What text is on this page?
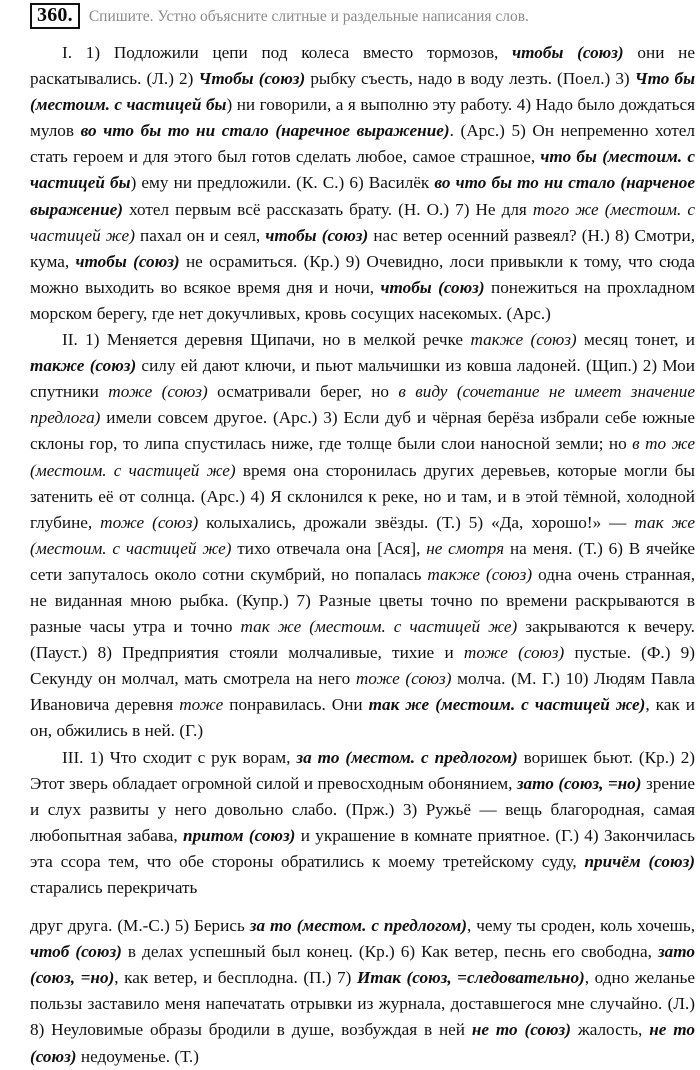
360.	Спишите. Устно объясните слитные и раздельные написания слов.

I. 1) Подложили цепи под колеса вместо тормозов, чтобы (союз) они не раскатывались. (Л.) 2) Чтобы (союз) рыбку съесть, надо в воду лезть. (Поел.) 3) Что бы (местоим. с частицей бы) ни говорили, а я выполню эту работу. 4) Надо было дождаться мулов во что бы то ни стало (наречное выражение). (Арс.) 5) Он непременно хотел стать героем и для этого был готов сделать любое, самое страшное, что бы (местоим. с частицей бы) ему ни предложили. (К. С.) 6) Василёк во что бы то ни стало (нарченое выражение) хотел первым всё рассказать брату. (Н. О.) 7) Не для того же (местоим. с частицей же) пахал он и сеял, чтобы (союз) нас ветер осенний развеял? (Н.) 8) Смотри, кума, чтобы (союз) не осрамиться. (Кр.) 9) Очевидно, лоси привыкли к тому, что сюда можно выходить во всякое время дня и ночи, чтобы (союз) понежиться на прохладном морском берегу, где нет докучливых, кровь сосущих насекомых. (Арс.)

II. 1) Меняется деревня Щипачи, но в мелкой речке также (союз) месяц тонет, и также (союз) силу ей дают ключи, и пьют мальчишки из ковша ладоней. (Щип.) 2) Мои спутники тоже (союз) осматривали берег, но в виду (сочетание не имеет значение предлога) имели совсем другое. (Арс.) 3) Если дуб и чёрная берёза избрали себе южные склоны гор, то липа спустилась ниже, где толще были слои наносной земли; но в то же (местоим. с частицей же) время она сторонилась других деревьев, которые могли бы затенить её от солнца. (Арс.) 4) Я склонился к реке, но и там, и в этой тёмной, холодной глубине, тоже (союз) колыхались, дрожали звёзды. (Т.) 5) «Да, хорошо!» — так же (местоим. с частицей же) тихо отвечала она [Ася], не смотря на меня. (Т.) 6) В ячейке сети запуталось около сотни скумбрий, но попалась также (союз) одна очень странная, не виданная мною рыбка. (Купр.) 7) Разные цветы точно по времени раскрываются в разные часы утра и точно так же (местоим. с частицей же) закрываются к вечеру. (Пауст.) 8) Предприятия стояли молчаливые, тихие и тоже (союз) пустые. (Ф.) 9) Секунду он молчал, мать смотрела на него тоже (союз) молча. (М. Г.) 10) Людям Павла Ивановича деревня тоже понравилась. Они так же (местоим. с частицей же), как и он, обжились в ней. (Г.)

III. 1) Что сходит с рук ворам, за то (местом. с предлогом) воришек бьют. (Кр.) 2) Этот зверь обладает огромной силой и превосходным обонянием, зато (союз, =но) зрение и слух развиты у него довольно слабо. (Прж.) 3) Ружьё — вещь благородная, самая любопытная забава, притом (союз) и украшение в комнате приятное. (Г.) 4) Закончилась эта ссора тем, что обе стороны обратились к моему третейскому суду, причём (союз) старались перекричать

друг друга. (М.-С.) 5) Берись за то (местом. с предлогом), чему ты сроден, коль хочешь, чтоб (союз) в делах успешный был конец. (Кр.) 6) Как ветер, песнь его свободна, зато (союз, =но), как ветер, и бесплодна. (П.) 7) Итак (союз, =следовательно), одно желанье пользы заставило меня напечатать отрывки из журнала, доставшегося мне случайно. (Л.) 8) Неуловимые образы бродили в душе, возбуждая в ней не то (союз) жалость, не то (союз) недоуменье. (Т.)
